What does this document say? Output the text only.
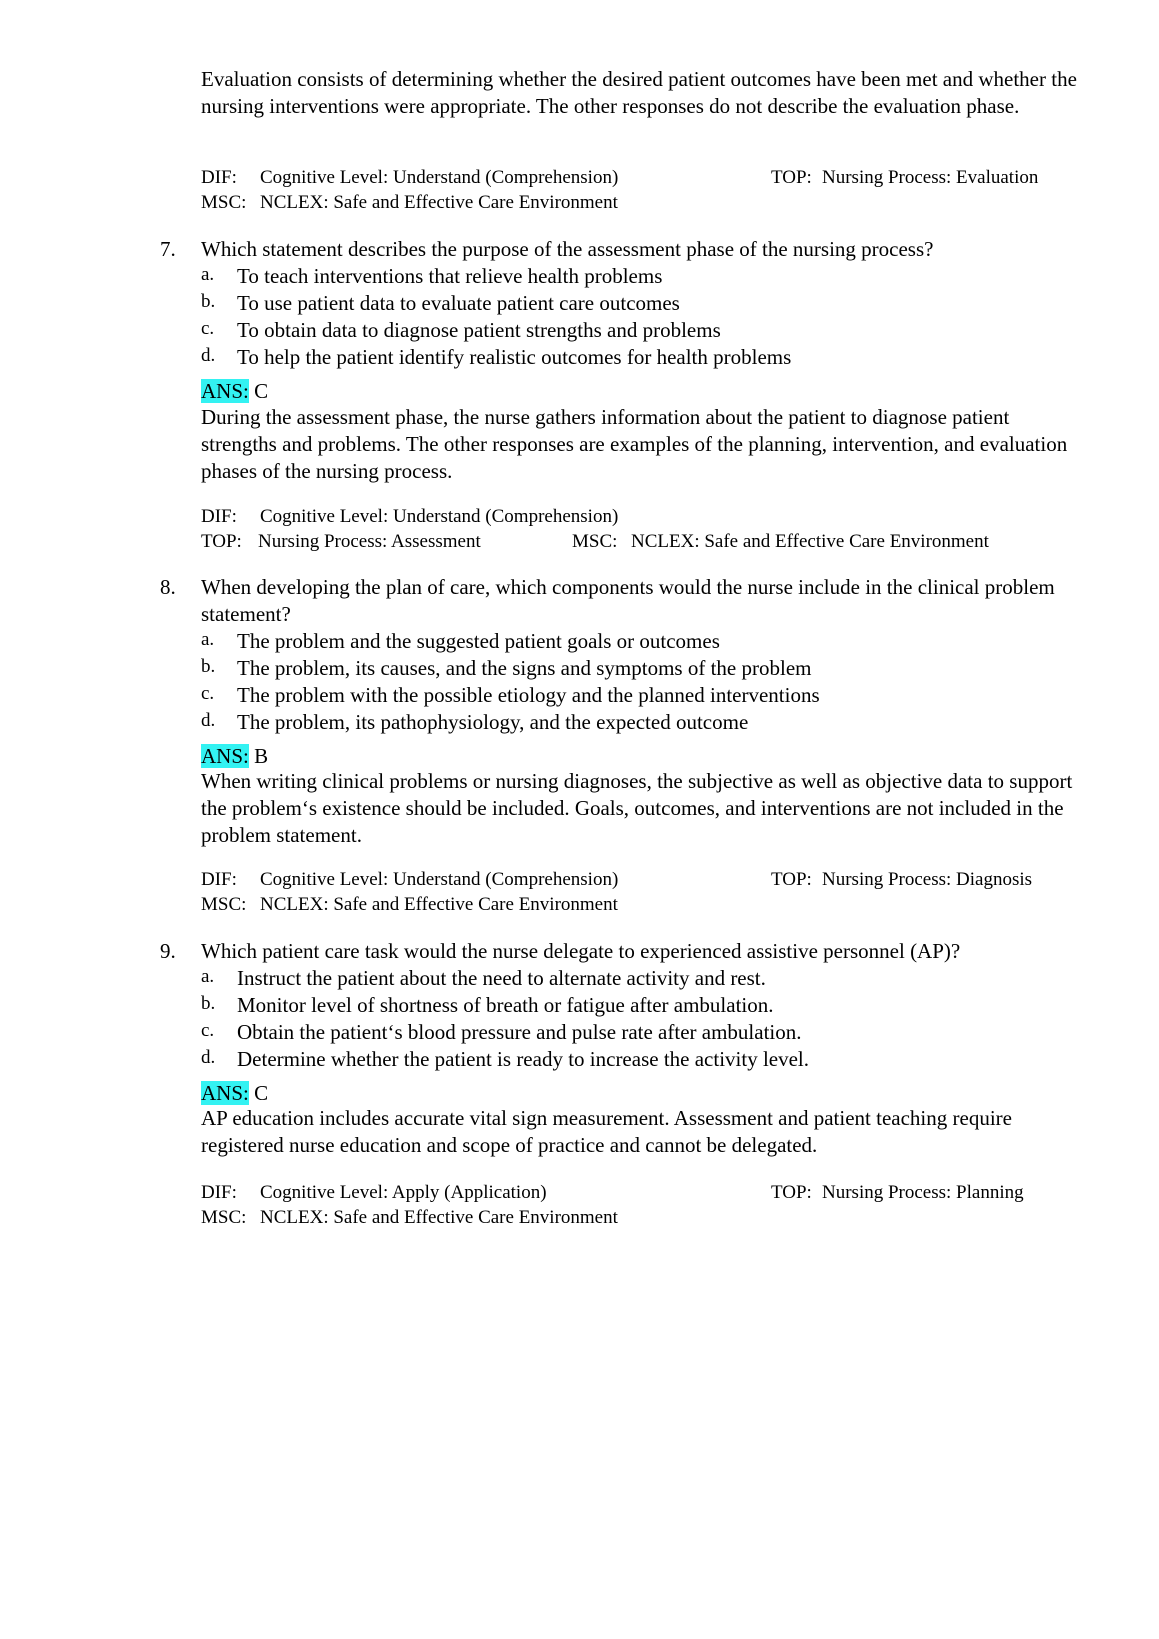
Evaluation consists of determining whether the desired patient outcomes have been met and whether the nursing interventions were appropriate. The other responses do not describe the evaluation phase.

DIF: Cognitive Level: Understand (Comprehension)	TOP: Nursing Process: Evaluation
MSC: NCLEX: Safe and Effective Care Environment
7.	Which statement describes the purpose of the assessment phase of the nursing process?
a. To teach interventions that relieve health problems
b. To use patient data to evaluate patient care outcomes
c. To obtain data to diagnose patient strengths and problems
d. To help the patient identify realistic outcomes for health problems
ANS: C

During the assessment phase, the nurse gathers information about the patient to diagnose patient strengths and problems. The other responses are examples of the planning, intervention, and evaluation phases of the nursing process.

DIF: Cognitive Level: Understand (Comprehension)
TOP: Nursing Process: Assessment	MSC: NCLEX: Safe and Effective Care Environment
8.	When developing the plan of care, which components would the nurse include in the clinical problem statement?
a. The problem and the suggested patient goals or outcomes
b. The problem, its causes, and the signs and symptoms of the problem
c. The problem with the possible etiology and the planned interventions
d. The problem, its pathophysiology, and the expected outcome
ANS: B

When writing clinical problems or nursing diagnoses, the subjective as well as objective data to support the problem‘s existence should be included. Goals, outcomes, and interventions are not included in the problem statement.

DIF: Cognitive Level: Understand (Comprehension)	TOP: Nursing Process: Diagnosis
MSC: NCLEX: Safe and Effective Care Environment
9.	Which patient care task would the nurse delegate to experienced assistive personnel (AP)?
a. Instruct the patient about the need to alternate activity and rest.
b. Monitor level of shortness of breath or fatigue after ambulation.
c. Obtain the patient‘s blood pressure and pulse rate after ambulation.
d. Determine whether the patient is ready to increase the activity level.
ANS: C

AP education includes accurate vital sign measurement. Assessment and patient teaching require registered nurse education and scope of practice and cannot be delegated.

DIF: Cognitive Level: Apply (Application)	TOP: Nursing Process: Planning
MSC: NCLEX: Safe and Effective Care Environment
